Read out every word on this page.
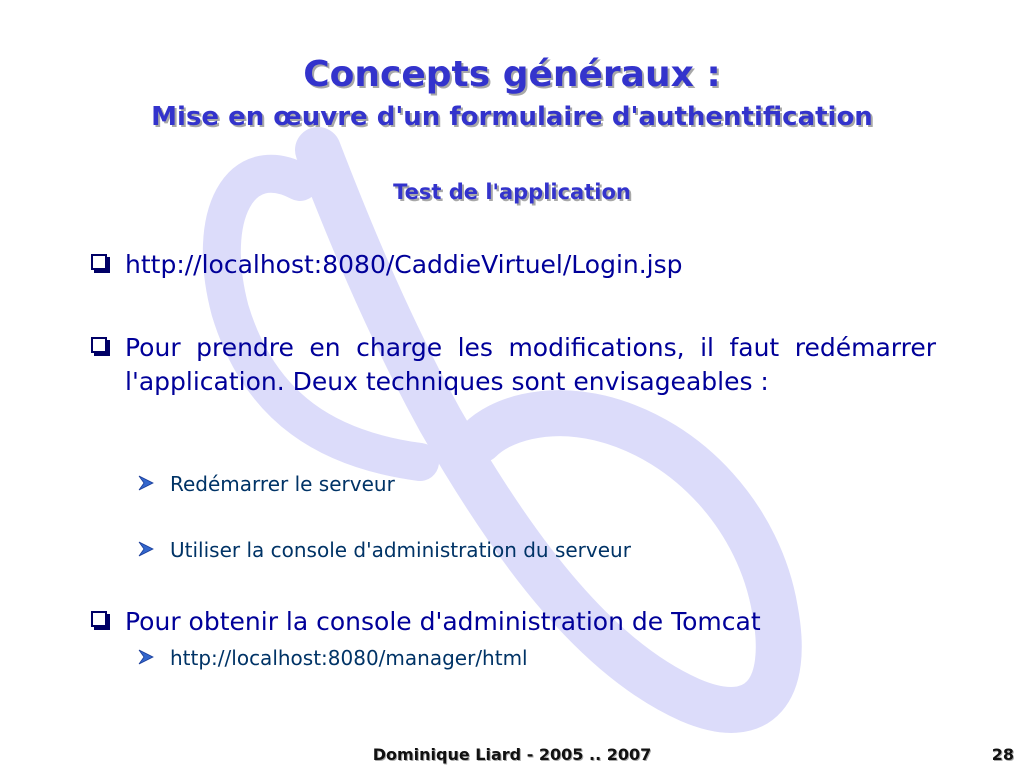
Concepts généraux :
Mise en œuvre d'un formulaire d'authentification
Test de l'application
http://localhost:8080/CaddieVirtuel/Login.jsp
Pour prendre en charge les modifications, il faut redémarrer l'application. Deux techniques sont envisageables :
Redémarrer le serveur
Utiliser la console d'administration du serveur
Pour obtenir la console d'administration de Tomcat
http://localhost:8080/manager/html
Dominique Liard - 2005 .. 2007	28
